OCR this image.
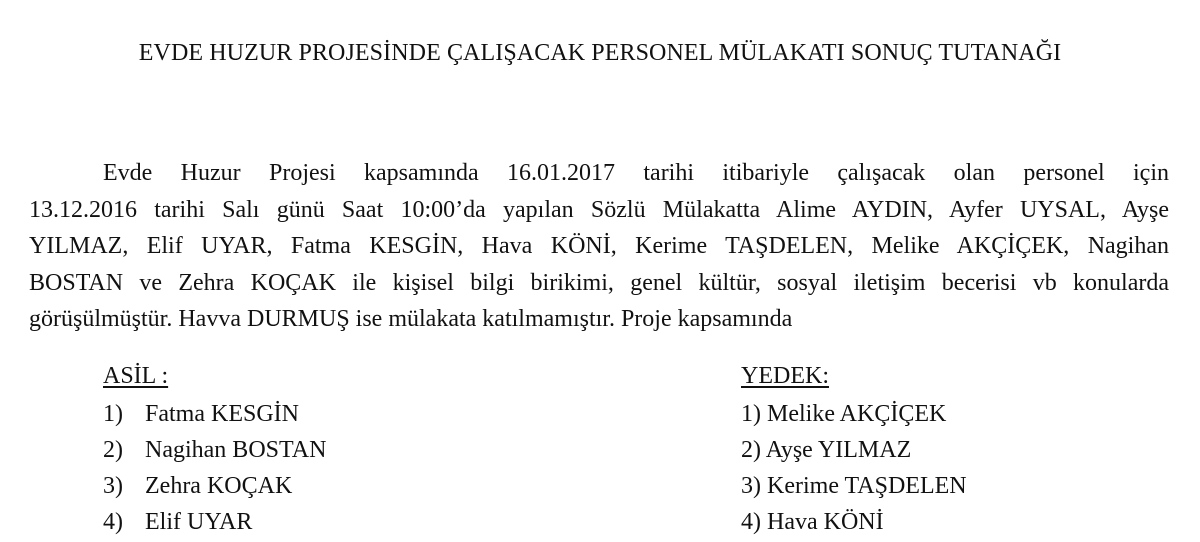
EVDE HUZUR PROJESİNDE ÇALIŞACAK PERSONEL MÜLAKATI SONUÇ TUTANAĞI
Evde Huzur Projesi kapsamında 16.01.2017 tarihi itibariyle çalışacak olan personel için
13.12.2016 tarihi Salı günü Saat 10:00’da yapılan Sözlü Mülakatta Alime AYDIN, Ayfer UYSAL, Ayşe
YILMAZ, Elif UYAR, Fatma KESGİN, Hava KÖNİ, Kerime TAŞDELEN, Melike AKÇİÇEK, Nagihan
BOSTAN ve Zehra KOÇAK ile kişisel bilgi birikimi, genel kültür, sosyal iletişim becerisi vb konularda
görüşülmüştür. Havva DURMUŞ ise mülakata katılmamıştır. Proje kapsamında
ASİL :
1) Fatma KESGİN
2) Nagihan BOSTAN
3) Zehra KOÇAK
4) Elif UYAR
YEDEK:
1) Melike AKÇİÇEK
2) Ayşe YILMAZ
3) Kerime TAŞDELEN
4) Hava KÖNİ
